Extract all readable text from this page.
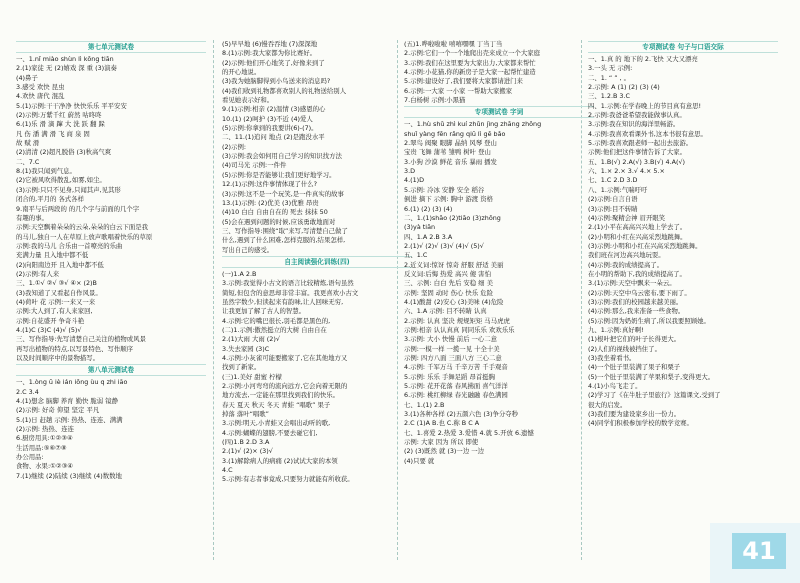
第七单元测试卷
一、1.nǐ miào shùn lì kōng tiān
2.(1)家徒 无 (2)嬉戏 深 重 (3)演奏
(4)鼻子
3.感受 欢快 昆虫
4.欢快 唐代 混乱
5.(1)示例:干干净净 快快乐乐 平平安安
(2)示例:万紫千红 蔚然 咕咚咚
6.(1)乐 滑 滴 蹿 大 洗 跃 翻 跺
凡 伤 潘 满 滑 飞 商 泉 固
故 赋 滑
(2)清清 (2)超凡脱俗 (3)秋高气爽
二、7.C
8.(1)我只闻到气息。
(2)它被风吹得散乱,如雾,如尘。
(3)示例:只只不见身,只闻其声,见其形
闭合的,平月的 各式各样
9.南平与后两段的 的几个字与前面的几个字
有趣的事。
示例:天空飘着朵朵的云朵,朵朵的白云下面是我
的马儿,独自一人在草原上放声歌唱着快乐的草原
示例:我的马儿 合乐由一首嘹亮的乐曲
充满力量 且入地中都不低
(2)向阳南边开 且入地中都不低
(2)示例:有人来
三、1.①√ ②√ ③√ ④× (2)B
(3)我知道了又看起自作风景。
(4)荷叶 花 示例:一来又一来
示例:大人到了,有人来家回,
示例:自花盛开 争奇斗艳
4.(1)C (3)C (4)√ (5)√
三、写作指导:先写清楚自己关注的植物或风景
再写出植物的特点,以写景特色、写作顺序
以及时间顺序中的景物描写。
第八单元测试卷
一、1.òng ū iè ián iōng ùu q zhi ião
2.C 3.4
4.(1)想念 脑脚 养育 勤快 脆弱 镜静
(2)示例: 好奇 仰望 坚定 平凡
5.(1)日 赶趟 示例: 热热、连连、满满
(2)示例: 热热、连连
6.厨房用具:①②③④
生活用品:⑤⑥⑦⑧
办公用品:
食物、水果:①②③④
7.(1)继续 (2)陆续 (3)继续 (4)数数地
(5)早早地 (6)慢吞吞地 (7)深深地
8.(1)示例:我大家都为你比赛好。
(2)示例:他们开心地笑了,好像来到了
的开心地说。
(3)我为她脑脚得到小鸟送来的消息吗?
(4)我们收到礼物都喜欢别人的礼物送给别人
看见她表示好和。
9.(1)示例:相亲 (2)温情 (3)感恩的心
10.(1) (2)呵护 (3)不近 (4)爱人
(5)示例:你拿到的我要讲(6)-(7)。
二、11.(1)追问 地点 (2)是跑没水平
(2)示例:
(3)示例:我会如何用自己学习的知识找方法
(4)司马光 示例:一件件
(5)示例:你是否能够让我们更好地学习。
12.(1)示例:这件事情体现了什么?
(3)示例:这不是一个玩笑,是一件真实的故事
13.(1)示例: (2)优美 (3)优雅 昂贵
(4)10 白白 自由自在的 死去 抹抹 50
(5)会在遇到问题的时候,应该勇敢地面对
三、写作指导:围绕“取”来写,写清楚自己做了
什么,遇到了什么困难,怎样克服的,结果怎样,
写出自己的感受。
自主阅读强化训练(四)
(一)1.A 2.B
3.示例:我觉得小古文的语言比较精炼,语句虽然
简短,但包含的意思却非常丰富。我更喜欢小古文
虽然字数少,但读起来有韵味,让人回味无穷,
让我更加了解了古人的智慧。
4.示例:它的嘴巴很长,羽毛都是黑色的,
(二)1.示例:傲然挺立的大树 自由自在
2.(1)大雨 大雨 (2)√
3.失去家园 (3)C
4.示例:小灰雀可能要搬家了,它在其他地方又
找到了新家。
(三)1.美好 甜蜜 柠檬
2.示例:小河弯弯的流向远方,它会向着无限的
地方流去,一定能在那里找到我们的快乐。
春天 夏天 秋天 冬天 青蛙 “唱歌” 果子
掉落 落叶“唱歌”
3.示例:明天,小青蛙又会唱出动听的歌,
4.示例:蝴蝶的翅膀,不要去碰它们,
(四)1.B 2.D 3.A
2.(1)√ (2)× (3)√
3.(1)解除病人的病痛 (2)试试大家的本领
4.C
5.示例:有志者事竟成,只要努力就能有所收获。
(五)1.哗啦啦啦 嘻嘻嘿嘿 丁当丁当
2.示例:它们一个一个地爬出壳来成立一个大家庭
3.示例:我们在这里要为大家出力,大家都来帮忙
4.示例:小花猫,你的新房子是大家一起帮忙建造
5.示例:建设好了,我们要将大家都请进门来
6.示例:一大家 一小家 一帮助大家搬家
7.白杨树 示例:小黑猫
专项测试卷 字词
一、1.hù shǔ zhì kuí zhǔn jìng zhāng zhōng
shuǐ yàng fēn rǎng qiū lì gē bǎo
2.翠鸟 阀聚 眼脚 晶纳 风琴 登山
宝贵 飞舞 蒲苇 雏鸭 树叶 登山
3.小狗 沙漠 鲜花 音乐 暴雨 播发
3.D
4.(1)D
5.示例: 冷冰 安静 安全 稻谷
倒进 摘下 示例: 胸中 游渡 资格
6.(1) (2) (3) (4)
二、1.(1)shāo (2)tiāo (3)zhōng
(3)yà tiān
四、1.A 2.B 3.A
2.(1)√ (2)√ (3)√ (4)√ (5)√
五、1.C
2.近义词:惊讶 惊奇 舒服 舒适 美丽
反义词:后悔 热爱 高兴 傻 害怕
三、示例: 白白 先后 安稳 细 美
示例: 坚固 动时 伤心 快乐 危险
4.(1)酸甜 (2)安心 (3)美味 (4)危险
六、1.A 示例: 目不转睛 认真
2.示例: 认真 坚决 规规矩矩 马马虎虎
示例:相亲 认认真真 同同乐乐 欢欢乐乐
3.示例: 大小 快慢 前后 一心二意
示例:一模一样 一揽一见 十全十美
示例: 四方八面 三面八方 三心二意
4.示例: 千军万马 千辛万苦 千手观音
5.示例: 乐乐 手舞足蹈 昂首挺胸
5.示例: 花开花落 春风拂面 喜气洋洋
6.示例: 桃红柳绿 春光融融 春色满园
七、1.(1) 2.B
3.(1)各种各样 (2)五颜六色 (3)争分夺秒
2.C (1)A B.也 C.称 B C A
七、1.喜爱 2.热爱 3.爱惜 4.就 5.开放 6.遗憾
示例: 大家 因为 所以 即使
(2) (3)既然 就 (3)一边 一边
(4)只要 就
专项测试卷 句子与口语交际
一、1.真 的 地下的 2.飞快 又大又漂亮
3.一头 无 示例:
二、1. “ ” , 。
2.示例: A (1) (2) (3) (4)
三、1.2.B 3.C
四、1.示例:在学春晚上的节目真有意思!
2.示例:我爸爸希望我能做事认真。
3.示例:我在知识的海洋里畅游。
4.示例:我喜欢看课外书,这本书很有意思。
5.示例:我喜欢跟老师一起出去旅游。
示例:他们把这件事情告诉了大家。
五、1.B(√) 2.A(√) 3.B(√) 4.A(√)
六、1.× 2.× 3.√ 4.× 5.×
七、1.C 2.D 3.D
八、1.示例:气喘吁吁
(2)示例:自言自语
(3)示例:目不转睛
(4)示例:聚精会神 眉开眼笑
2.(1)小平在高高兴兴地上学去了。
(2)小明和小红在兴高采烈地跳舞。
(3)示例:小明和小红在兴高采烈地跳舞。
我们班在河边高兴地玩耍。
(4)示例:我的成绩提高了。
在小明的帮助下,我的成绩提高了。
3.(1)示例:天空中飘来一朵云。
(2)示例:天空中乌云密布,要下雨了。
(3)示例:我们的校园越来越美丽。
(4)示例:那么,我来准备一些食物。
(5)示例:因为奶奶生病了,所以我要照顾她。
九、1.示例:真好啊!
(1)根叶把它们的叶子长得更大。
(2)人们的视线被挡住了。
(3)我坐着看书。
(4)一个肚子里装满了果子和栗子
(5)一个肚子里装满了苹果和梨子,变得更大。
4.(1)小鸟飞走了。
(2)学习了《在牛肚子里旅行》这篇课文,受到了
很大的启发。
(3)我们要为建设家乡出一份力。
(4)同学们积极参加学校的数学竞赛。
41
